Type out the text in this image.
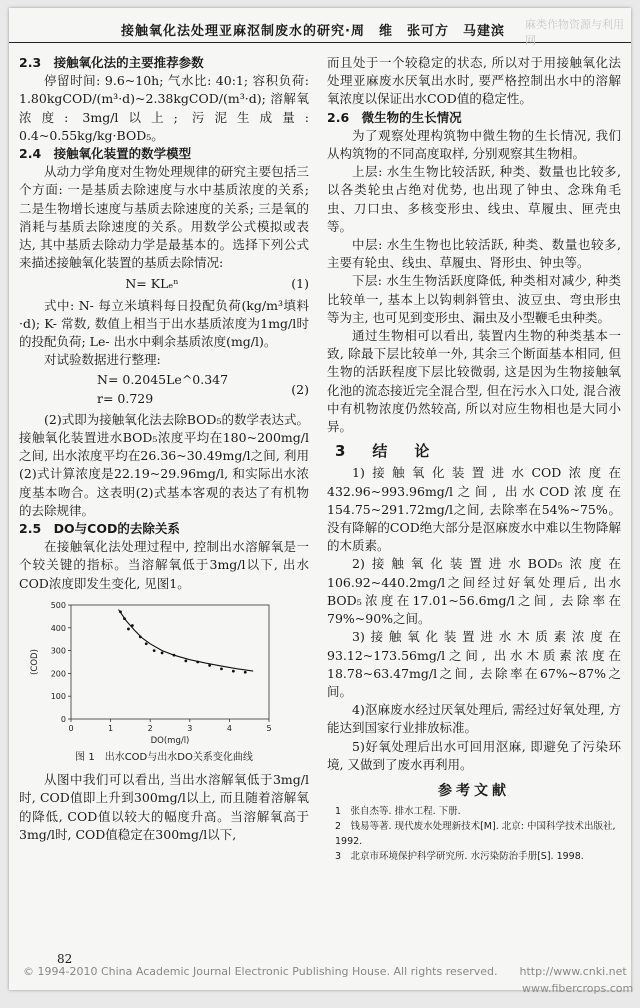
接触氧化法处理亚麻沤制废水的研究·周　维　张可方　马建滨 麻类作物资源与利用网

2.3　接触氧化法的主要推荐参数

停留时间: 9.6~10h; 气水比: 40:1; 容积负荷: 1.80kgCOD/(m³·d)~2.38kgCOD/(m³·d); 溶解氧浓度: 3mg/l以上; 污泥生成量: 0.4~0.55kg/kg·BOD₅。

2.4　接触氧化装置的数学模型

从动力学角度对生物处理规律的研究主要包括三个方面: 一是基质去除速度与水中基质浓度的关系; 二是生物增长速度与基质去除速度的关系; 三是氧的消耗与基质去除速度的关系。用数学公式模拟或表达, 其中基质去除动力学是最基本的。选择下列公式来描述接触氧化装置的基质去除情况:

N= KLₑⁿ	(1)

式中: N- 每立米填料每日投配负荷(kg/m³填料·d); K- 常数, 数值上相当于出水基质浓度为1mg/l时的投配负荷; Le- 出水中剩余基质浓度(mg/l)。

对试验数据进行整理:

N= 0.2045Le^0.347
r= 0.729
(2)

(2)式即为接触氧化法去除BOD₅的数学表达式。接触氧化装置进水BOD₅浓度平均在180~200mg/l之间, 出水浓度平均在26.36~30.49mg/l之间, 利用(2)式计算浓度是22.19~29.96mg/l, 和实际出水浓度基本吻合。这表明(2)式基本客观的表达了有机物的去除规律。

2.5　DO与COD的去除关系

在接触氧化法处理过程中, 控制出水溶解氧是一个较关键的指标。当溶解氧低于3mg/l以下, 出水COD浓度即发生变化, 见图1。

0
100
200
300
400
500
0	1	2	3	4	5
DO(mg/l)
(COD)

图 1　出水COD与出水DO关系变化曲线

从图中我们可以看出, 当出水溶解氧低于3mg/l时, COD值即上升到300mg/l以上, 而且随着溶解氧的降低, COD值以较大的幅度升高。当溶解氧高于3mg/l时, COD值稳定在300mg/l以下,

而且处于一个较稳定的状态, 所以对于用接触氧化法处理亚麻废水厌氧出水时, 要严格控制出水中的溶解氧浓度以保证出水COD值的稳定性。

2.6　微生物的生长情况

为了观察处理构筑物中微生物的生长情况, 我们从构筑物的不同高度取样, 分别观察其生物相。

上层: 水生生物比较活跃, 种类、数量也比较多, 以各类轮虫占绝对优势, 也出现了钟虫、念珠角毛虫、刀口虫、多核变形虫、线虫、草履虫、匣壳虫等。

中层: 水生生物也比较活跃, 种类、数量也较多, 主要有轮虫、线虫、草履虫、肾形虫、钟虫等。

下层: 水生生物活跃度降低, 种类相对减少, 种类比较单一, 基本上以钩刺斜管虫、波豆虫、弯虫形虫等为主, 也可见到变形虫、漏虫及小型鞭毛虫种类。

通过生物相可以看出, 装置内生物的种类基本一致, 除最下层比较单一外, 其余三个断面基本相同, 但生物的活跃程度下层比较微弱, 这是因为生物接触氧化池的流态接近完全混合型, 但在污水入口处, 混合液中有机物浓度仍然较高, 所以对应生物相也是大同小异。

3　结　论

1)接触氧化装置进水COD浓度在432.96~993.96mg/l之间, 出水COD浓度在154.75~291.72mg/l之间, 去除率在54%~75%。没有降解的COD绝大部分是沤麻废水中难以生物降解的木质素。

2)接触氧化装置进水BOD₅浓度在106.92~440.2mg/l之间经过好氧处理后, 出水BOD₅浓度在17.01~56.6mg/l之间, 去除率在79%~90%之间。

3)接触氧化装置进水木质素浓度在93.12~173.56mg/l之间, 出水木质素浓度在18.78~63.47mg/l之间, 去除率在67%~87%之间。

4)沤麻废水经过厌氧处理后, 需经过好氧处理, 方能达到国家行业排放标准。

5)好氧处理后出水可回用沤麻, 即避免了污染环境, 又做到了废水再利用。

参考文献

1　张自杰等. 排水工程. 下册.

2　钱易等著. 现代废水处理新技术[M]. 北京: 中国科学技术出版社, 1992.

3　北京市环境保护科学研究所. 水污染防治手册[S]. 1998.

82
© 1994-2010 China Academic Journal Electronic Publishing House. All rights reserved.　　http://www.cnki.net
www.fibercrops.com
